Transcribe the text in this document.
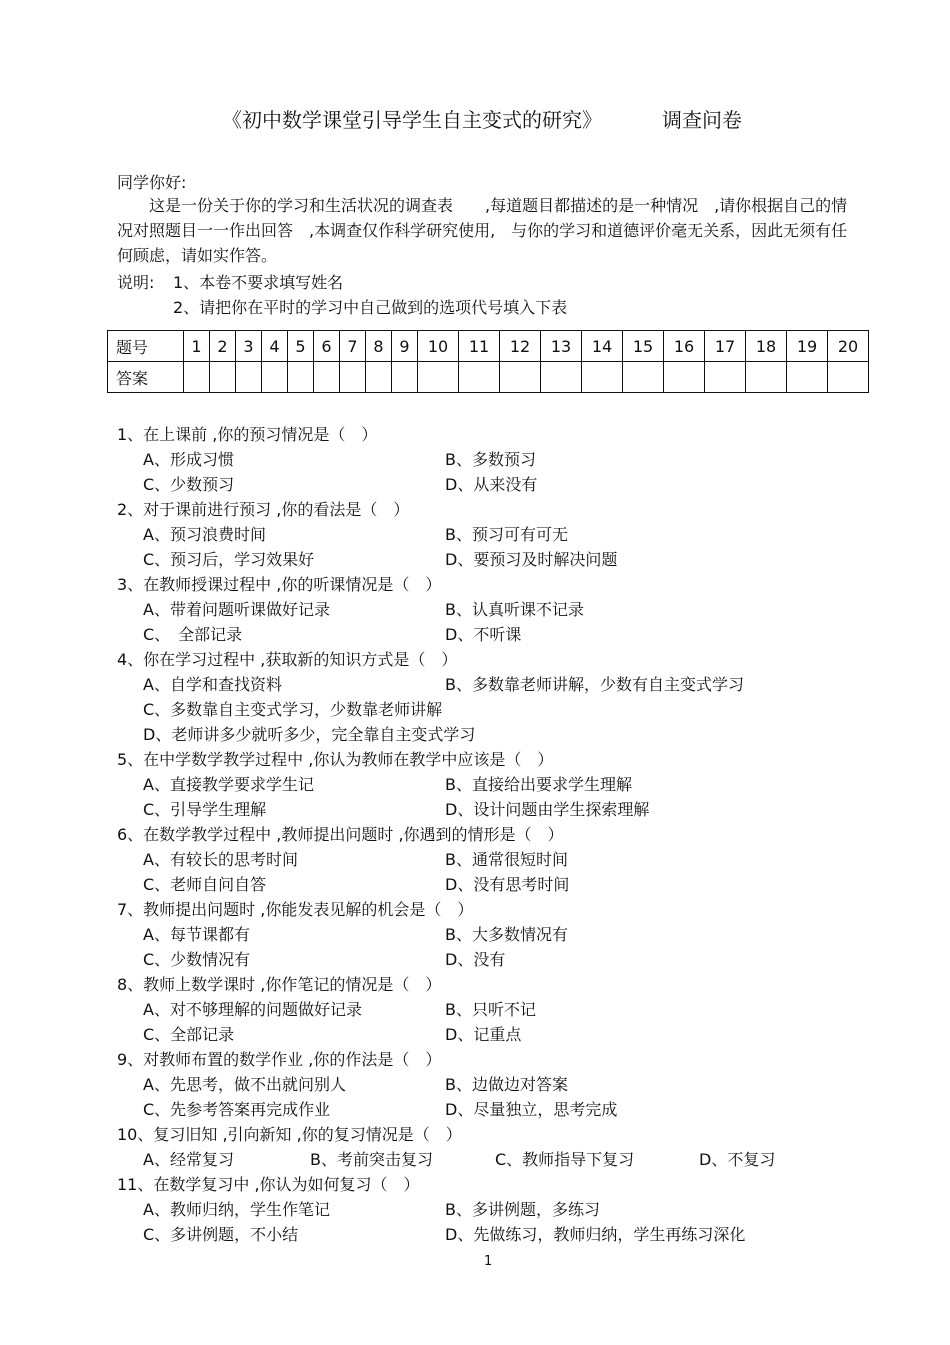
《初中数学课堂引导学生自主变式的研究》	调查问卷
同学你好:
这是一份关于你的学习和生活状况的调查表　　,每道题目都描述的是一种情况　,请你根据自己的情况对照题目一一作出回答　,本调查仅作科学研究使用,　与你的学习和道德评价毫无关系，因此无须有任何顾虑，请如实作答。
说明: 1、本卷不要求填写姓名
2、请把你在平时的学习中自己做到的选项代号填入下表
题号	1	2	3	4	5	6	7	8	9	10	11	12	13	14	15	16	17	18	19	20
答案																				
1、在上课前 ,你的预习情况是（　）
A、形成习惯	B、多数预习
C、少数预习	D、从来没有
2、对于课前进行预习 ,你的看法是（　）
A、预习浪费时间	B、预习可有可无
C、预习后，学习效果好	D、要预习及时解决问题
3、在教师授课过程中 ,你的听课情况是（　）
A、带着问题听课做好记录	B、认真听课不记录
C、　全部记录	D、不听课
4、你在学习过程中 ,获取新的知识方式是（　）
A、自学和查找资料	B、多数靠老师讲解，少数有自主变式学习
C、多数靠自主变式学习，少数靠老师讲解
D、老师讲多少就听多少，完全靠自主变式学习
5、在中学数学教学过程中 ,你认为教师在教学中应该是（　）
A、直接教学要求学生记	B、直接给出要求学生理解
C、引导学生理解	D、设计问题由学生探索理解
6、在数学教学过程中 ,教师提出问题时 ,你遇到的情形是（　）
A、有较长的思考时间	B、通常很短时间
C、老师自问自答	D、没有思考时间
7、教师提出问题时 ,你能发表见解的机会是（　）
A、每节课都有	B、大多数情况有
C、少数情况有	D、没有
8、教师上数学课时 ,你作笔记的情况是（　）
A、对不够理解的问题做好记录	B、只听不记
C、全部记录	D、记重点
9、对教师布置的数学作业 ,你的作法是（　）
A、先思考，做不出就问别人	B、边做边对答案
C、先参考答案再完成作业	D、尽量独立，思考完成
10、复习旧知 ,引向新知 ,你的复习情况是（　）
A、经常复习	B、考前突击复习	C、教师指导下复习	D、不复习
11、在数学复习中 ,你认为如何复习（　）
A、教师归纳，学生作笔记	B、多讲例题，多练习
C、多讲例题，不小结	D、先做练习，教师归纳，学生再练习深化
1
